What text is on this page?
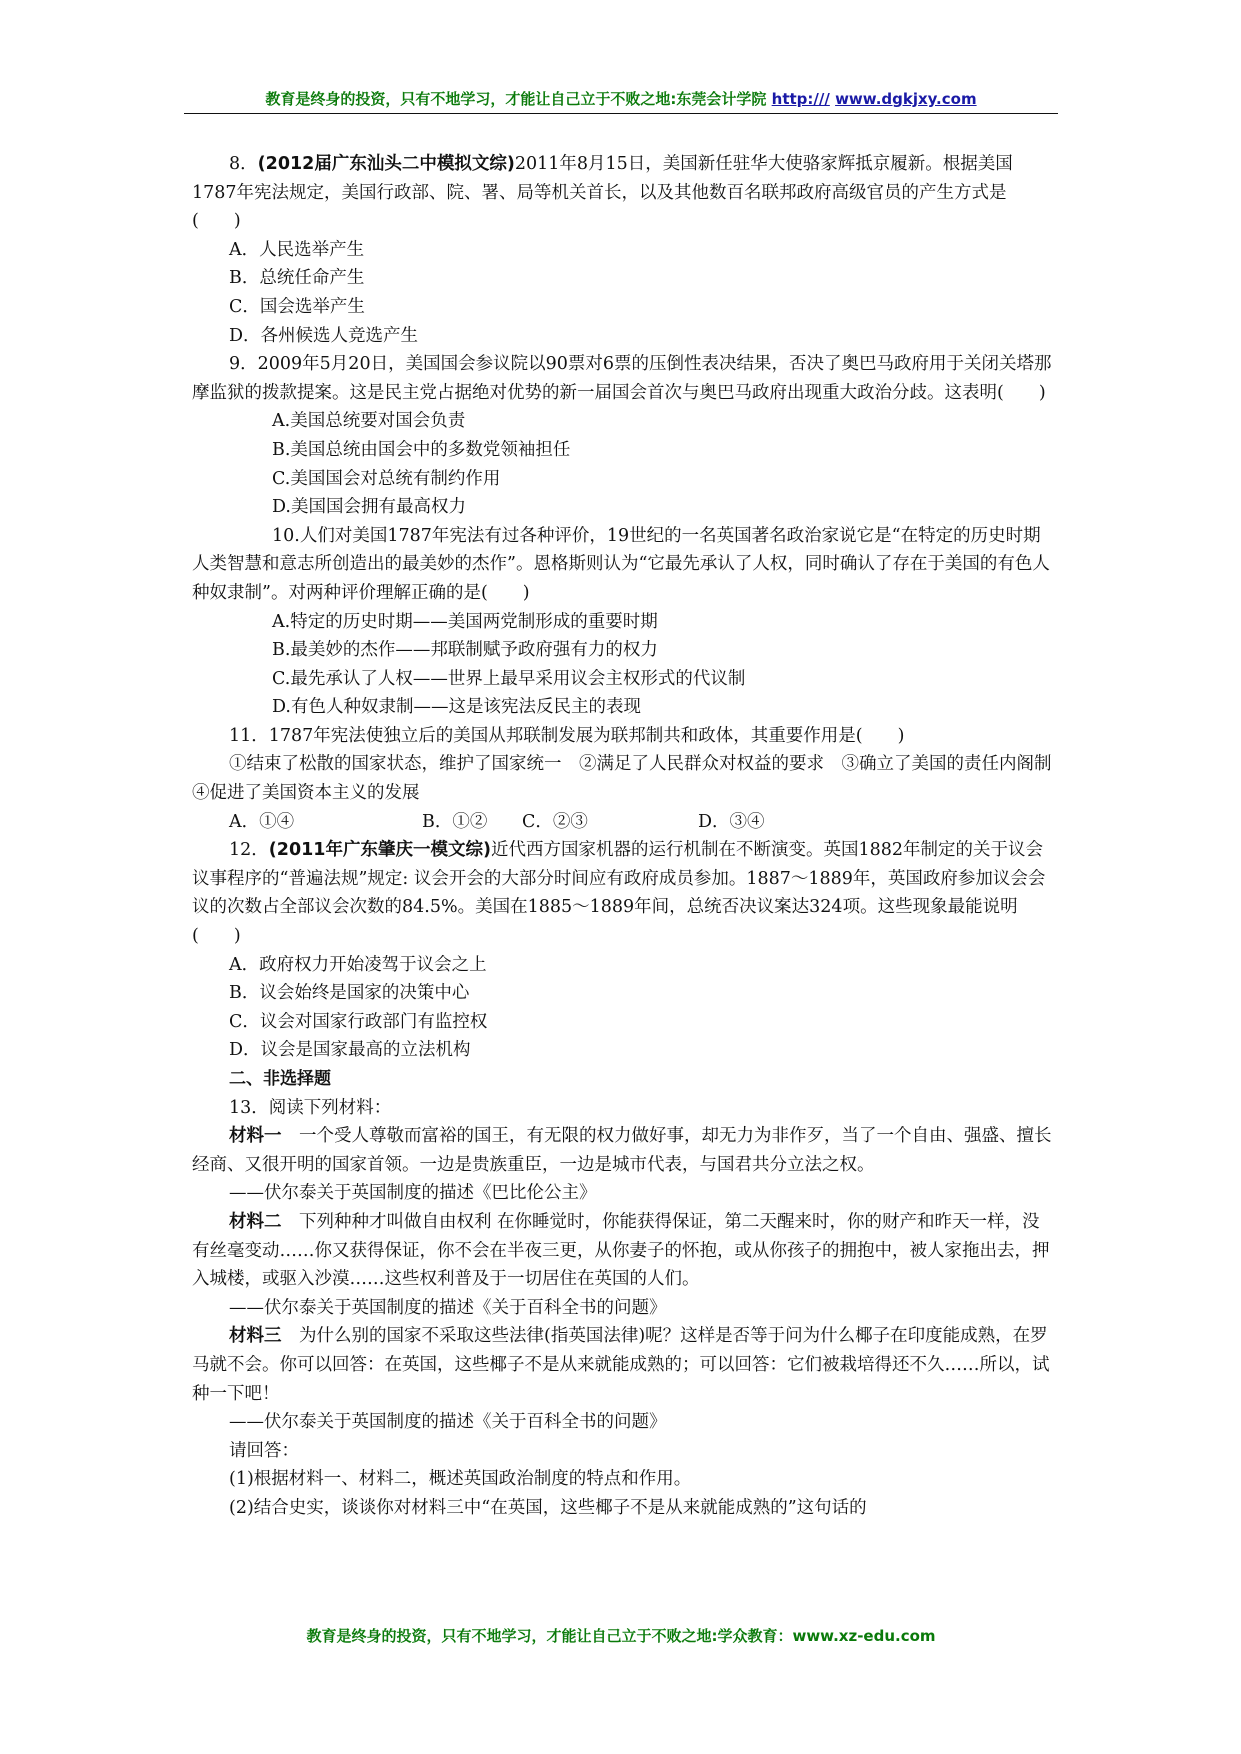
教育是终身的投资，只有不地学习，才能让自己立于不败之地:东莞会计学院 http:/// www.dgkjxy.com

8．(2012届广东汕头二中模拟文综)2011年8月15日，美国新任驻华大使骆家辉抵京履新。根据美国1787年宪法规定，美国行政部、院、署、局等机关首长，以及其他数百名联邦政府高级官员的产生方式是(　　)

A．人民选举产生

B．总统任命产生

C．国会选举产生

D．各州候选人竞选产生

9．2009年5月20日，美国国会参议院以90票对6票的压倒性表决结果，否决了奥巴马政府用于关闭关塔那摩监狱的拨款提案。这是民主党占据绝对优势的新一届国会首次与奥巴马政府出现重大政治分歧。这表明(　　)

A.美国总统要对国会负责

B.美国总统由国会中的多数党领袖担任

C.美国国会对总统有制约作用

D.美国国会拥有最高权力

10.人们对美国1787年宪法有过各种评价，19世纪的一名英国著名政治家说它是“在特定的历史时期人类智慧和意志所创造出的最美妙的杰作”。恩格斯则认为“它最先承认了人权，同时确认了存在于美国的有色人种奴隶制”。对两种评价理解正确的是(　　)

A.特定的历史时期——美国两党制形成的重要时期

B.最美妙的杰作——邦联制赋予政府强有力的权力

C.最先承认了人权——世界上最早采用议会主权形式的代议制

D.有色人种奴隶制——这是该宪法反民主的表现

11．1787年宪法使独立后的美国从邦联制发展为联邦制共和政体，其重要作用是(　　)

①结束了松散的国家状态，维护了国家统一　②满足了人民群众对权益的要求　③确立了美国的责任内阁制　④促进了美国资本主义的发展

A．①④	B．①②	C．②③	D．③④

12．(2011年广东肇庆一模文综)近代西方国家机器的运行机制在不断演变。英国1882年制定的关于议会议事程序的“普遍法规”规定: 议会开会的大部分时间应有政府成员参加。1887～1889年，英国政府参加议会会议的次数占全部议会次数的84.5%。美国在1885～1889年间，总统否决议案达324项。这些现象最能说明(　　)

A．政府权力开始凌驾于议会之上

B．议会始终是国家的决策中心

C．议会对国家行政部门有监控权

D．议会是国家最高的立法机构

二、非选择题

13．阅读下列材料：

材料一　一个受人尊敬而富裕的国王，有无限的权力做好事，却无力为非作歹，当了一个自由、强盛、擅长经商、又很开明的国家首领。一边是贵族重臣，一边是城市代表，与国君共分立法之权。

——伏尔泰关于英国制度的描述《巴比伦公主》

材料二　下列种种才叫做自由权利 在你睡觉时，你能获得保证，第二天醒来时，你的财产和昨天一样，没有丝毫变动……你又获得保证，你不会在半夜三更，从你妻子的怀抱，或从你孩子的拥抱中，被人家拖出去，押入城楼，或驱入沙漠……这些权利普及于一切居住在英国的人们。

——伏尔泰关于英国制度的描述《关于百科全书的问题》

材料三　为什么别的国家不采取这些法律(指英国法律)呢？这样是否等于问为什么椰子在印度能成熟，在罗马就不会。你可以回答：在英国，这些椰子不是从来就能成熟的；可以回答：它们被栽培得还不久……所以，试种一下吧！

——伏尔泰关于英国制度的描述《关于百科全书的问题》

请回答：

(1)根据材料一、材料二，概述英国政治制度的特点和作用。

(2)结合史实，谈谈你对材料三中“在英国，这些椰子不是从来就能成熟的”这句话的

教育是终身的投资，只有不地学习，才能让自己立于不败之地:学众教育：www.xz-edu.com
